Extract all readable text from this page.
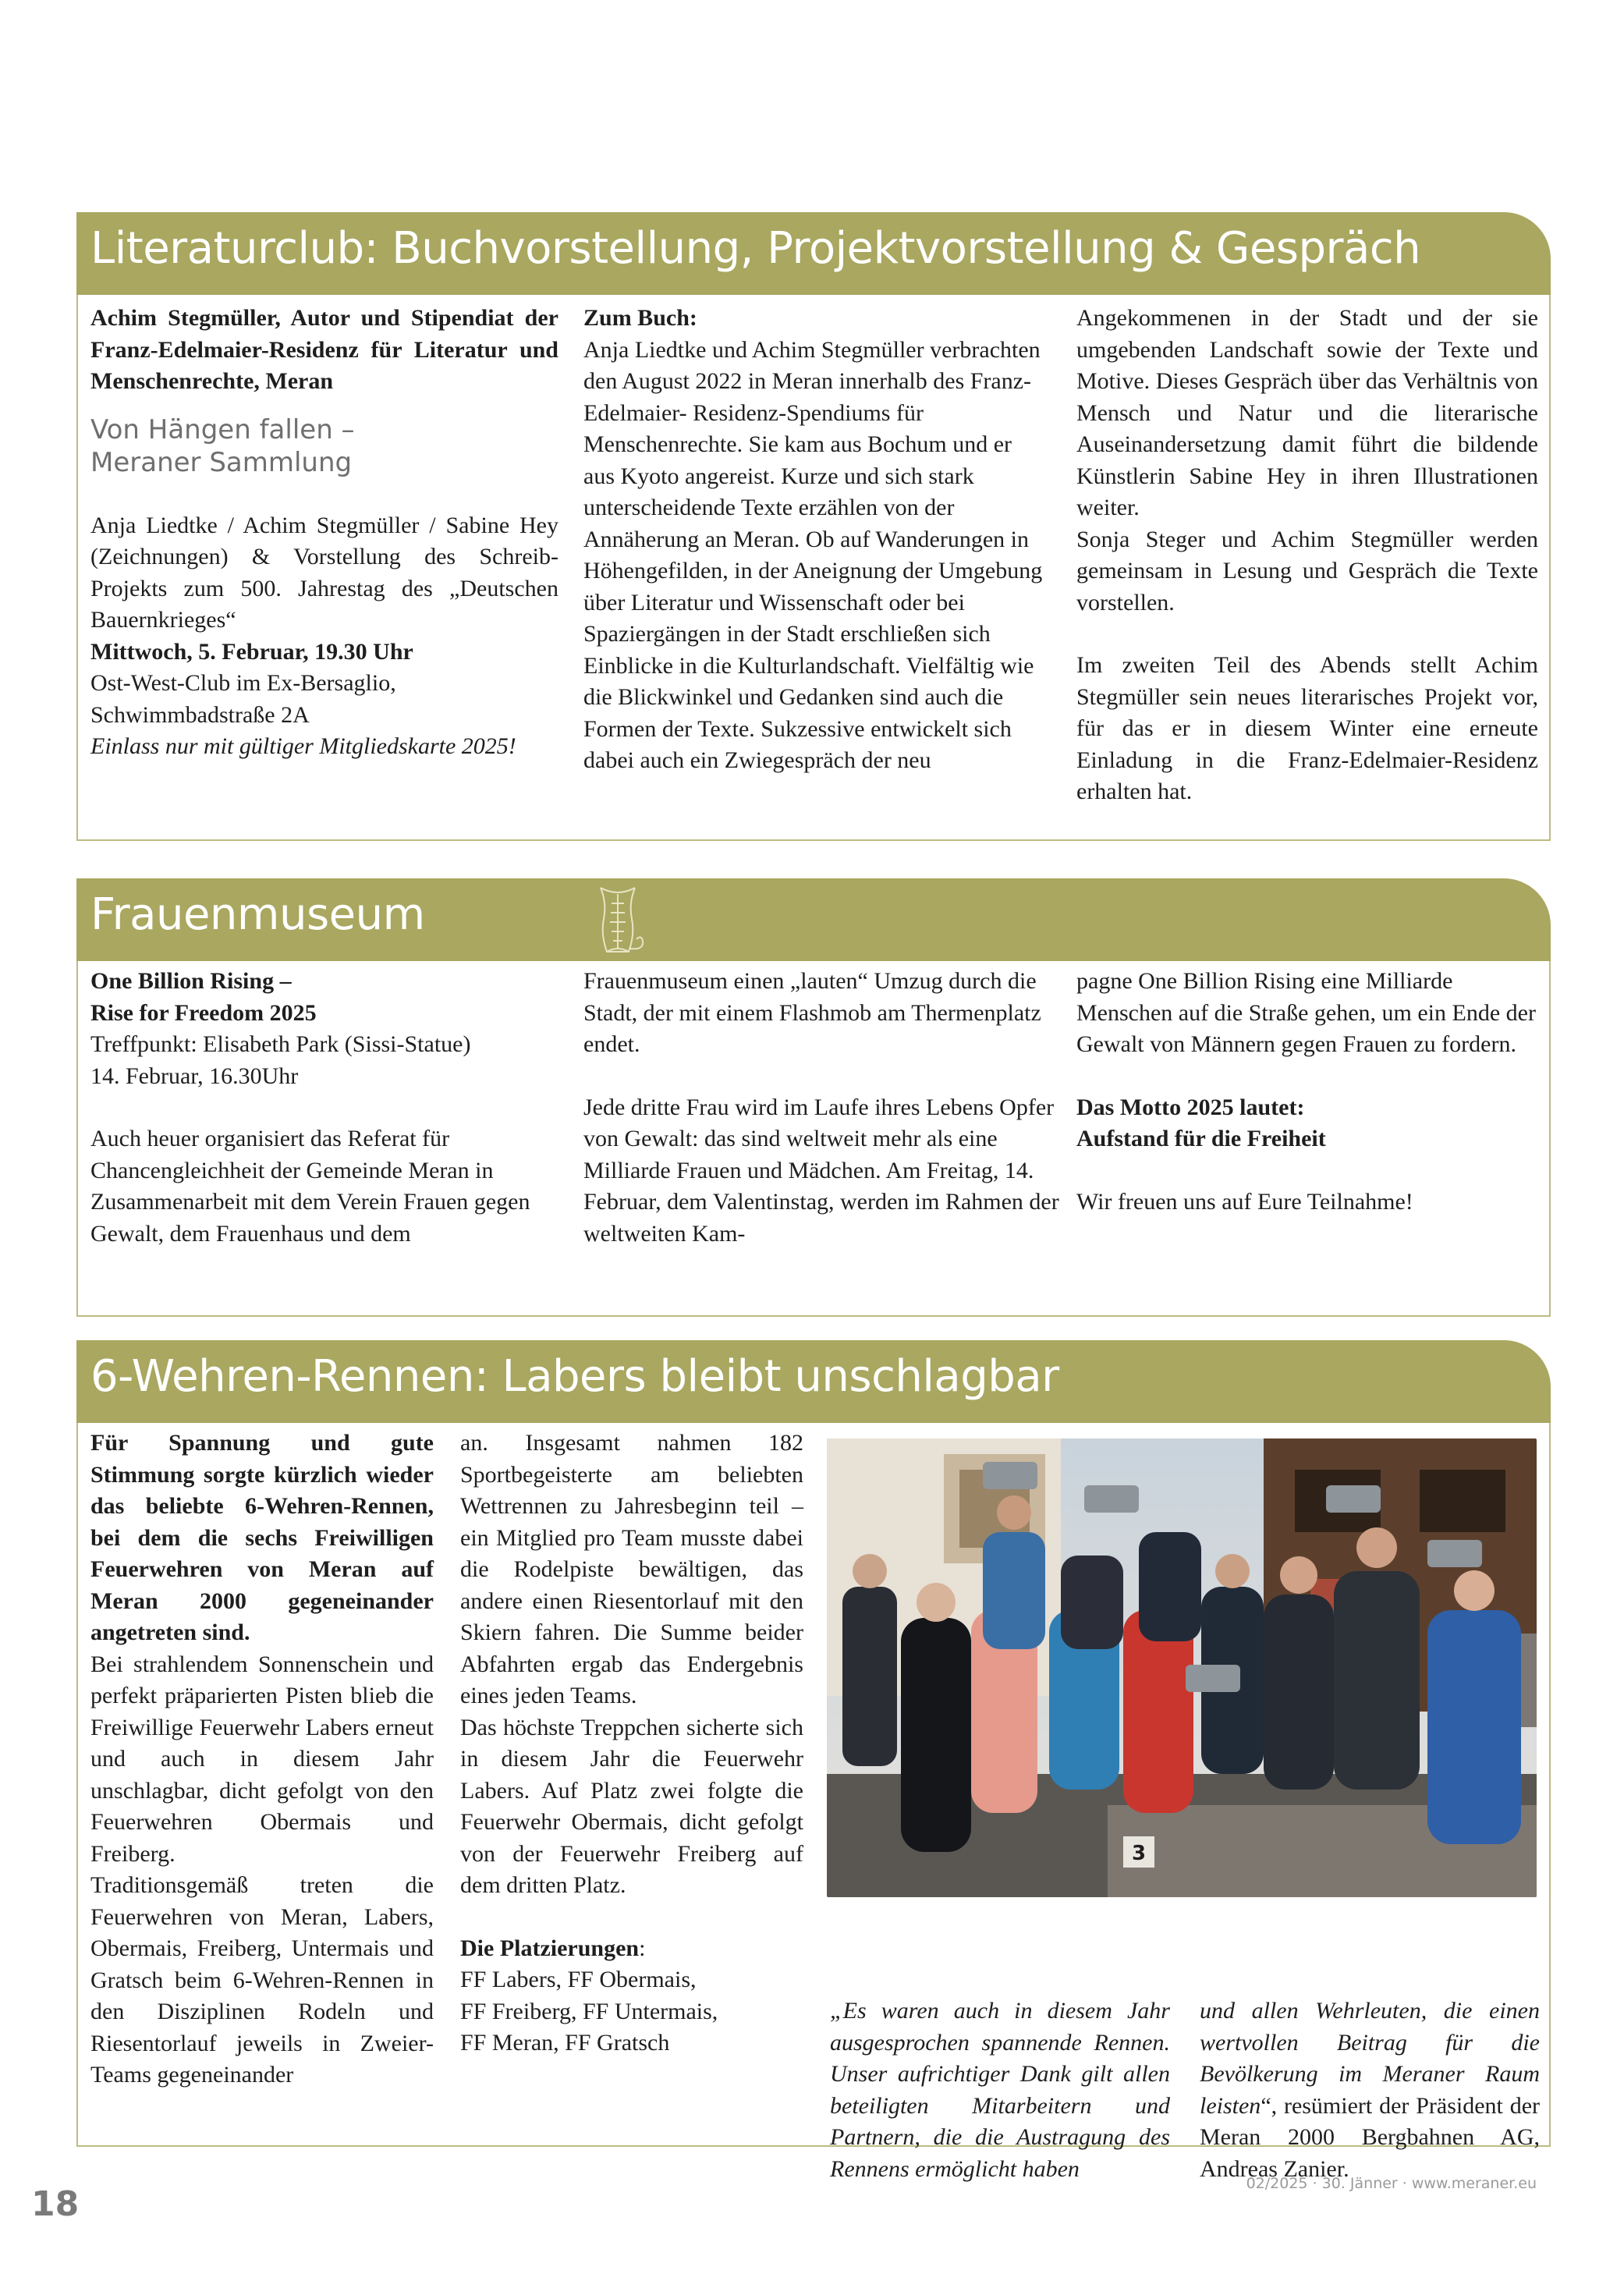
Literaturclub: Buchvorstellung, Projektvorstellung & Gespräch

Achim Stegmüller, Autor und Stipendiat der Franz-Edelmaier-Residenz für Literatur und Menschenrechte, Meran

Von Hängen fallen –
Meraner Sammlung

Anja Liedtke / Achim Stegmüller / Sabine Hey (Zeichnungen) & Vorstellung des Schreib-Projekts zum 500. Jahrestag des „Deutschen Bauernkrieges“

Mittwoch, 5. Februar, 19.30 Uhr

Ost-West-Club im Ex-Bersaglio, Schwimmbadstraße 2A

Einlass nur mit gültiger Mitgliedskarte 2025!

Zum Buch:

Anja Liedtke und Achim Stegmüller verbrachten den August 2022 in Meran innerhalb des Franz-Edelmaier- Residenz-Spendiums für Menschenrechte. Sie kam aus Bochum und er aus Kyoto angereist. Kurze und sich stark unterscheidende Texte erzählen von der Annäherung an Meran. Ob auf Wanderungen in Höhengefilden, in der Aneignung der Umgebung über Literatur und Wissenschaft oder bei Spaziergängen in der Stadt erschließen sich Einblicke in die Kulturlandschaft. Vielfältig wie die Blickwinkel und Gedanken sind auch die Formen der Texte. Sukzessive entwickelt sich dabei auch ein Zwiegespräch der neu

Angekommenen in der Stadt und der sie umgebenden Landschaft sowie der Texte und Motive. Dieses Gespräch über das Verhältnis von Mensch und Natur und die literarische Auseinandersetzung damit führt die bildende Künstlerin Sabine Hey in ihren Illustrationen weiter.

Sonja Steger und Achim Stegmüller werden gemeinsam in Lesung und Gespräch die Texte vorstellen.

Im zweiten Teil des Abends stellt Achim Stegmüller sein neues literarisches Projekt vor, für das er in diesem Winter eine erneute Einladung in die Franz-Edelmaier-Residenz erhalten hat.

Frauenmuseum

One Billion Rising –

Rise for Freedom 2025

Treffpunkt: Elisabeth Park (Sissi-Statue)

14. Februar, 16.30Uhr

Auch heuer organisiert das Referat für Chancengleichheit der Gemeinde Meran in Zusammenarbeit mit dem Verein Frauen gegen Gewalt, dem Frauenhaus und dem

Frauenmuseum einen „lauten“ Umzug durch die Stadt, der mit einem Flashmob am Thermenplatz endet.

Jede dritte Frau wird im Laufe ihres Lebens Opfer von Gewalt: das sind weltweit mehr als eine Milliarde Frauen und Mädchen. Am Freitag, 14. Februar, dem Valentinstag, werden im Rahmen der weltweiten Kam-

pagne One Billion Rising eine Milliarde Menschen auf die Straße gehen, um ein Ende der Gewalt von Männern gegen Frauen zu fordern.

Das Motto 2025 lautet:

Aufstand für die Freiheit

Wir freuen uns auf Eure Teilnahme!

6-Wehren-Rennen: Labers bleibt unschlagbar

Für Spannung und gute Stimmung sorgte kürzlich wieder das beliebte 6-Wehren-Rennen, bei dem die sechs Freiwilligen Feuerwehren von Meran auf Meran 2000 gegeneinander angetreten sind.

Bei strahlendem Sonnenschein und perfekt präparierten Pisten blieb die Freiwillige Feuerwehr Labers erneut und auch in diesem Jahr unschlagbar, dicht gefolgt von den Feuerwehren Obermais und Freiberg.

Traditionsgemäß treten die Feuerwehren von Meran, Labers, Obermais, Freiberg, Untermais und Gratsch beim 6-Wehren-Rennen in den Disziplinen Rodeln und Riesentorlauf jeweils in Zweier-Teams gegeneinander

an. Insgesamt nahmen 182 Sportbegeisterte am beliebten Wettrennen zu Jahresbeginn teil – ein Mitglied pro Team musste dabei die Rodelpiste bewältigen, das andere einen Riesentorlauf mit den Skiern fahren. Die Summe beider Abfahrten ergab das Endergebnis eines jeden Teams.

Das höchste Treppchen sicherte sich in diesem Jahr die Feuerwehr Labers. Auf Platz zwei folgte die Feuerwehr Obermais, dicht gefolgt von der Feuerwehr Freiberg auf dem dritten Platz.

Die Platzierungen:

FF Labers, FF Obermais,

FF Freiberg, FF Untermais,

FF Meran, FF Gratsch

„Es waren auch in diesem Jahr ausgesprochen spannende Rennen. Unser aufrichtiger Dank gilt allen beteiligten Mitarbeitern und Partnern, die die Austragung des Rennens ermöglicht haben
und allen Wehrleuten, die einen wertvollen Beitrag für die Bevölkerung im Meraner Raum leisten“, resümiert der Präsident der Meran 2000 Bergbahnen AG, Andreas Zanier.
3
18
02/2025 · 30. Jänner · www.meraner.eu
